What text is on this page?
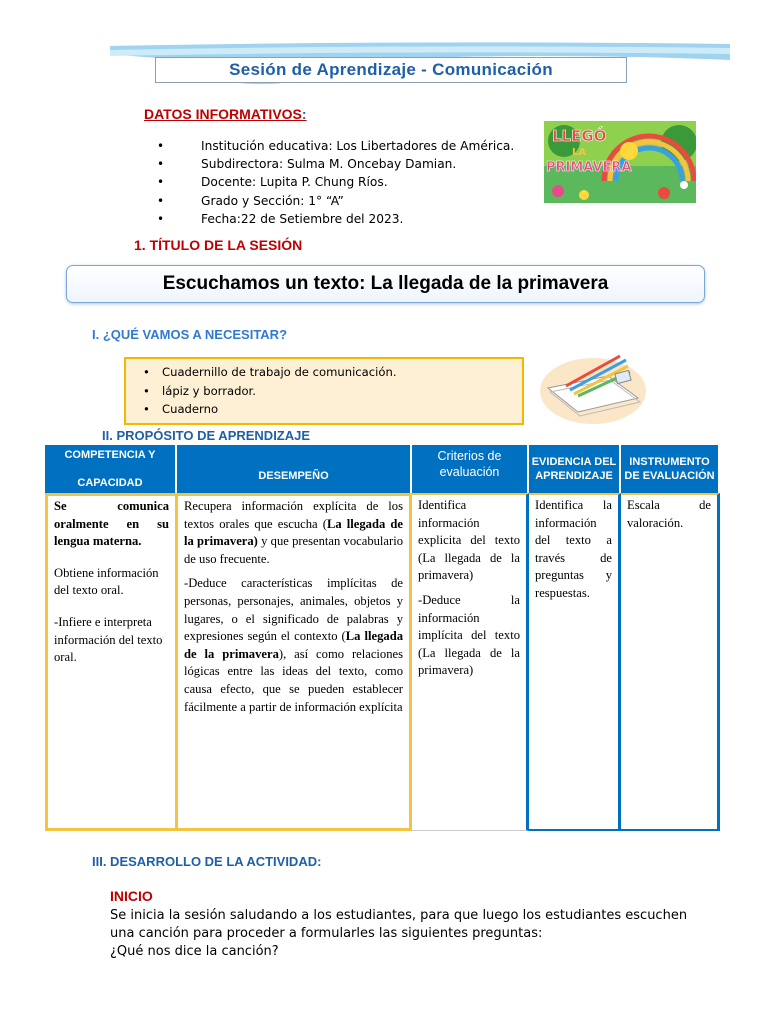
Sesión de Aprendizaje - Comunicación
DATOS INFORMATIVOS:
• Institución educativa: Los Libertadores de América.
• Subdirectora: Sulma M. Oncebay Damian.
• Docente: Lupita P. Chung Ríos.
• Grado y Sección: 1° “A”
• Fecha:22 de Setiembre del 2023.
LLEGÓ
LA
PRIMAVERA
1. TÍTULO DE LA SESIÓN
Escuchamos un texto: La llegada de la primavera
I. ¿QUÉ VAMOS A NECESITAR?
• Cuadernillo de trabajo de comunicación.
• lápiz y borrador.
• Cuaderno
II. PROPÓSITO DE APRENDIZAJE
COMPETENCIA Y

CAPACIDAD
DESEMPEÑO
Criterios de evaluación
EVIDENCIA DEL APRENDIZAJE
INSTRUMENTO DE EVALUACIÓN

Se comunica oralmente en su lengua materna.

Obtiene información del texto oral.

-Infiere e interpreta información del texto oral.

Recupera información explícita de los textos orales que escucha (La llegada de la primavera) y que presentan vocabulario de uso frecuente.

-Deduce características implícitas de personas, personajes, animales, objetos y lugares, o el significado de palabras y expresiones según el contexto (La llegada de la primavera), así como relaciones lógicas entre las ideas del texto, como causa efecto, que se pueden establecer fácilmente a partir de información explícita

Identifica información explicita del texto (La llegada de la primavera)

-Deduce la información implícita del texto (La llegada de la primavera)

Identifica la información del texto a través de preguntas y respuestas.

Escala de valoración.

III. DESARROLLO DE LA ACTIVIDAD:
INICIO
Se inicia la sesión saludando a los estudiantes, para que luego los estudiantes escuchen
una canción para proceder a formularles las siguientes preguntas:
¿Qué nos dice la canción?
